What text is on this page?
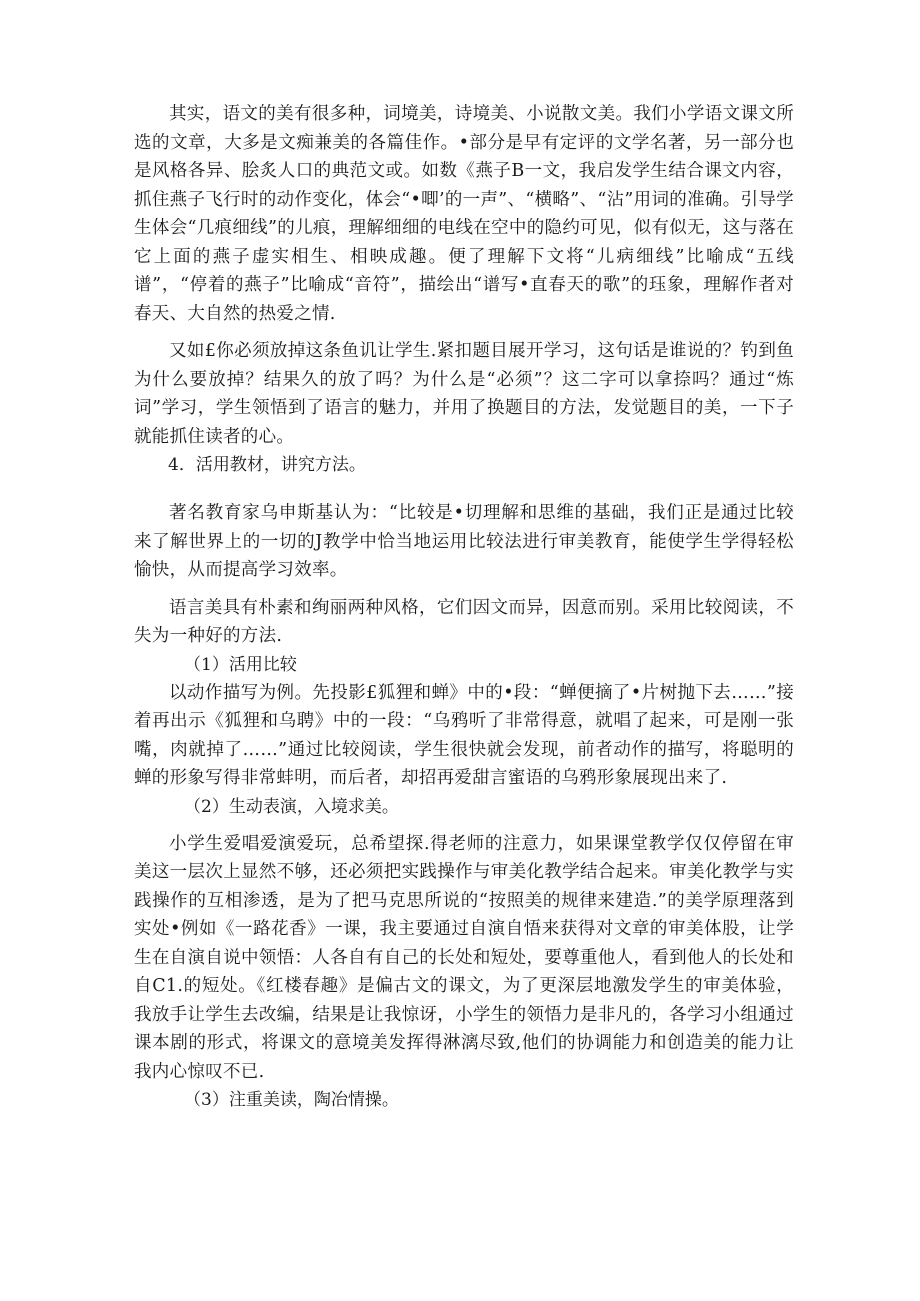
其实，语文的美有很多种，词境美，诗境美、小说散文美。我们小学语文课文所选的文章，大多是文痴兼美的各篇佳作。•部分是早有定评的文学名著，另一部分也是风格各异、脍炙人口的典范文或。如数《燕子B一文，我启发学生结合课文内容，抓住燕子飞行时的动作变化，体会“•唧’的一声”、“横略”、“沾”用词的准确。引导学生体会“几痕细线”的儿痕，理解细细的电线在空中的隐约可见，似有似无，这与落在它上面的燕子虚实相生、相映成趣。便了理解下文将“儿病细线”比喻成“五线谱”，“停着的燕子”比喻成“音符”，描绘出“谱写•直春天的歌”的珏象，理解作者对春天、大自然的热爱之情.

又如£你必须放掉这条鱼讥让学生.紧扣题目展开学习，这句话是谁说的？钓到鱼为什么要放掉？结果久的放了吗？为什么是“必须”？这二字可以拿捺吗？通过“炼词”学习，学生领悟到了语言的魅力，并用了换题目的方法，发觉题目的美，一下子就能抓住读者的心。

4．活用教材，讲究方法。

著名教育家乌申斯基认为：“比较是•切理解和思维的基础，我们正是通过比较来了解世界上的一切的J教学中恰当地运用比较法进行审美教育，能使学生学得轻松愉快，从而提高学习效率。

语言美具有朴素和绚丽两种风格，它们因文而异，因意而别。采用比较阅读，不失为一种好的方法.

（1）活用比较

以动作描写为例。先投影£狐狸和蝉》中的•段：“蝉便摘了•片树抛下去……”接着再出示《狐狸和乌聘》中的一段：“乌鸦听了非常得意，就唱了起来，可是刚一张嘴，肉就掉了……”通过比较阅读，学生很快就会发现，前者动作的描写，将聪明的蝉的形象写得非常蚌明，而后者，却招再爱甜言蜜语的乌鸦形象展现出来了.

（2）生动表演，入境求美。

小学生爱唱爱演爱玩，总希望探.得老师的注意力，如果课堂教学仅仅停留在审美这一层次上显然不够，还必须把实践操作与审美化教学结合起来。审美化教学与实践操作的互相渗透，是为了把马克思所说的“按照美的规律来建造.”的美学原理落到实处•例如《一路花香》一课，我主要通过自演自悟来获得对文章的审美体股，让学生在自演自说中领悟：人各自有自己的长处和短处，要尊重他人，看到他人的长处和自C1.的短处。《红楼春趣》是偏古文的课文，为了更深层地激发学生的审美体验，我放手让学生去改编，结果是让我惊讶，小学生的领悟力是非凡的，各学习小组通过课本剧的形式，将课文的意境美发挥得淋漓尽致,他们的协调能力和创造美的能力让我内心惊叹不已.

（3）注重美读，陶冶情操。
